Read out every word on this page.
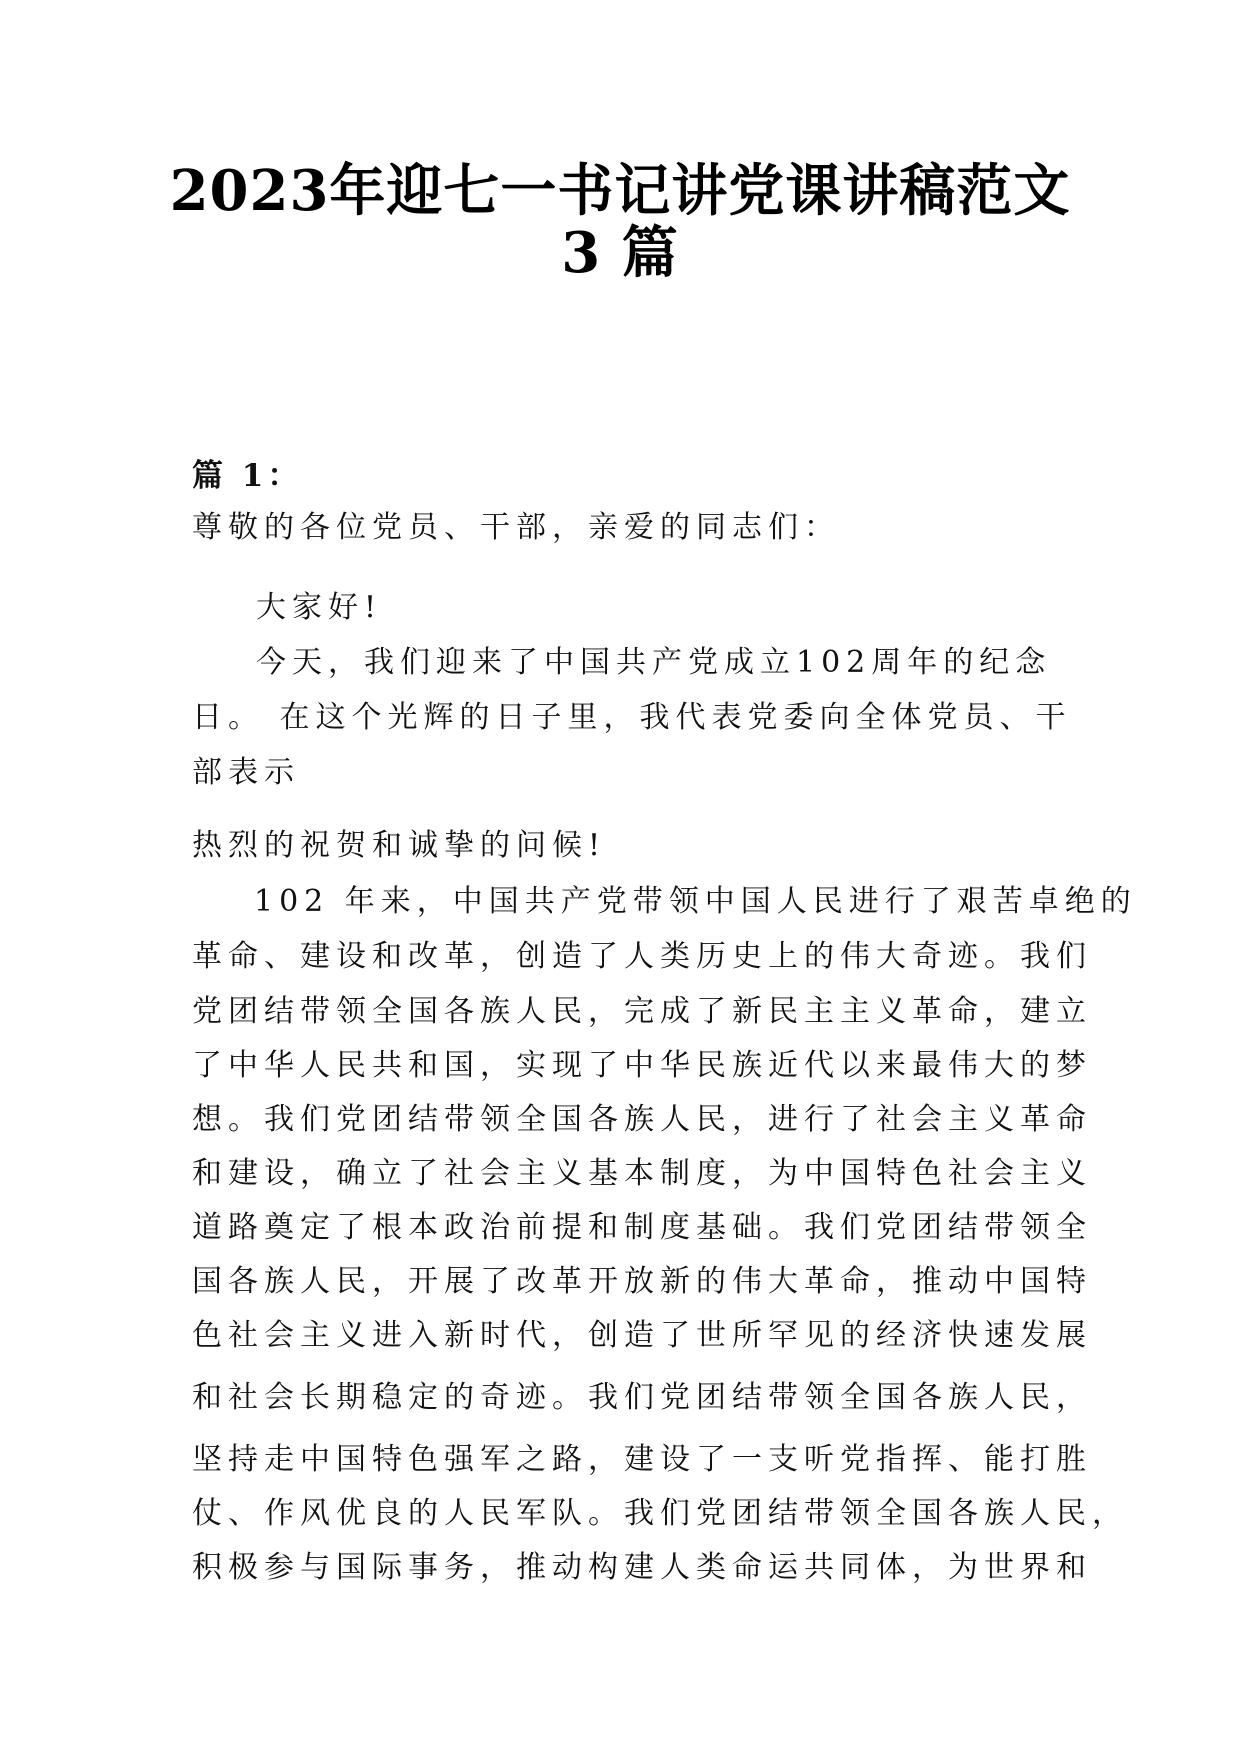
2023年迎七一书记讲党课讲稿范文
3 篇
篇 1：
尊敬的各位党员、干部，亲爱的同志们：
大家好!
今天，我们迎来了中国共产党成立102周年的纪念
日。 在这个光辉的日子里，我代表党委向全体党员、干
部表示
热烈的祝贺和诚挚的问候!
102 年来，中国共产党带领中国人民进行了艰苦卓绝的
革命、建设和改革，创造了人类历史上的伟大奇迹。我们
党团结带领全国各族人民，完成了新民主主义革命，建立
了中华人民共和国，实现了中华民族近代以来最伟大的梦
想。我们党团结带领全国各族人民，进行了社会主义革命
和建设，确立了社会主义基本制度，为中国特色社会主义
道路奠定了根本政治前提和制度基础。我们党团结带领全
国各族人民，开展了改革开放新的伟大革命，推动中国特
色社会主义进入新时代，创造了世所罕见的经济快速发展
和社会长期稳定的奇迹。我们党团结带领全国各族人民，
坚持走中国特色强军之路，建设了一支听党指挥、能打胜
仗、作风优良的人民军队。我们党团结带领全国各族人民，
积极参与国际事务，推动构建人类命运共同体，为世界和
